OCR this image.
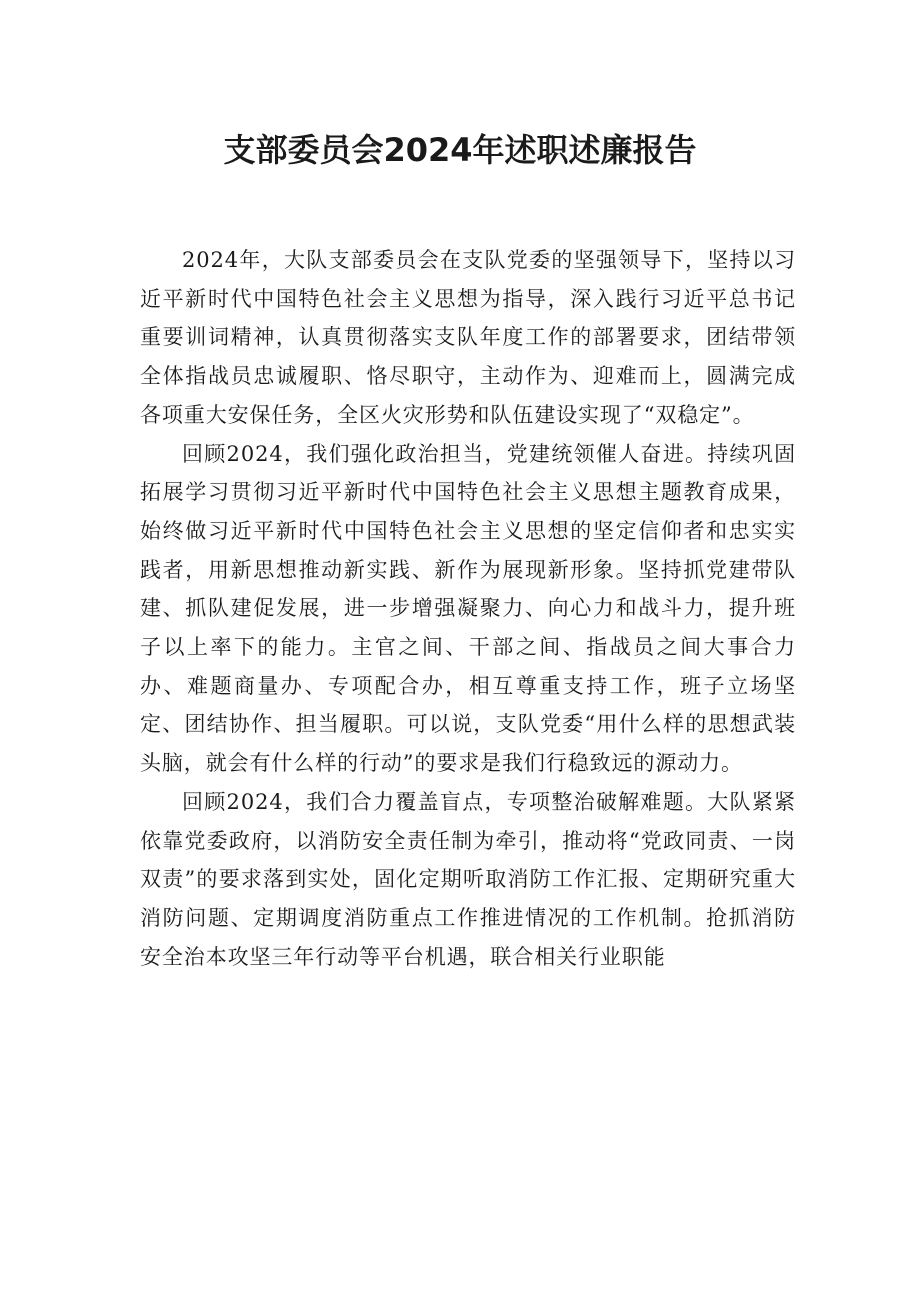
支部委员会2024年述职述廉报告

2024年，大队支部委员会在支队党委的坚强领导下，坚持以习近平新时代中国特色社会主义思想为指导，深入践行习近平总书记重要训词精神，认真贯彻落实支队年度工作的部署要求，团结带领全体指战员忠诚履职、恪尽职守，主动作为、迎难而上，圆满完成各项重大安保任务，全区火灾形势和队伍建设实现了“双稳定”。

回顾2024，我们强化政治担当，党建统领催人奋进。持续巩固拓展学习贯彻习近平新时代中国特色社会主义思想主题教育成果，始终做习近平新时代中国特色社会主义思想的坚定信仰者和忠实实践者，用新思想推动新实践、新作为展现新形象。坚持抓党建带队建、抓队建促发展，进一步增强凝聚力、向心力和战斗力，提升班子以上率下的能力。主官之间、干部之间、指战员之间大事合力办、难题商量办、专项配合办，相互尊重支持工作，班子立场坚定、团结协作、担当履职。可以说，支队党委“用什么样的思想武装头脑，就会有什么样的行动”的要求是我们行稳致远的源动力。

回顾2024，我们合力覆盖盲点，专项整治破解难题。大队紧紧依靠党委政府，以消防安全责任制为牵引，推动将“党政同责、一岗双责”的要求落到实处，固化定期听取消防工作汇报、定期研究重大消防问题、定期调度消防重点工作推进情况的工作机制。抢抓消防安全治本攻坚三年行动等平台机遇，联合相关行业职能
